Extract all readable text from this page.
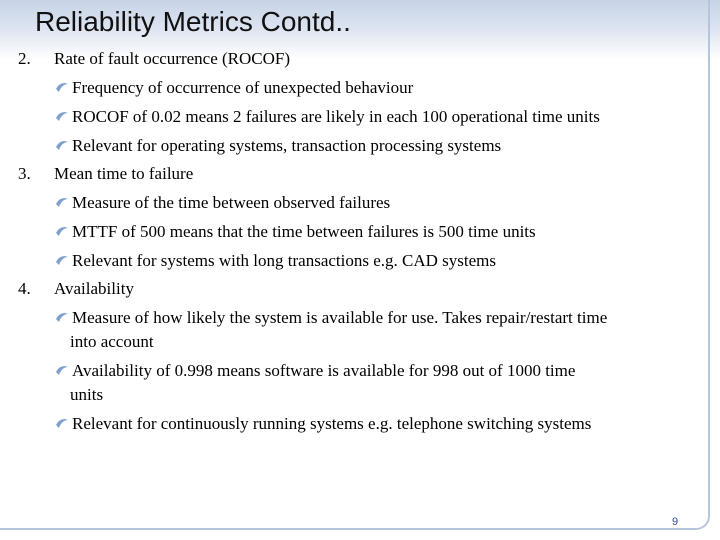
Reliability Metrics Contd..
2. Rate of fault occurrence (ROCOF)
Frequency of occurrence of unexpected behaviour
ROCOF of 0.02 means 2 failures are likely in each 100 operational time units
Relevant for operating systems, transaction processing systems
3. Mean time to failure
Measure of the time between observed failures
MTTF of 500 means that the time between failures is 500 time units
Relevant for systems with long transactions e.g. CAD systems
4. Availability
Measure of how likely the system is available for use. Takes repair/restart time
into account
Availability of 0.998 means software is available for 998 out of 1000 time
units
Relevant for continuously running systems e.g. telephone switching systems
9
